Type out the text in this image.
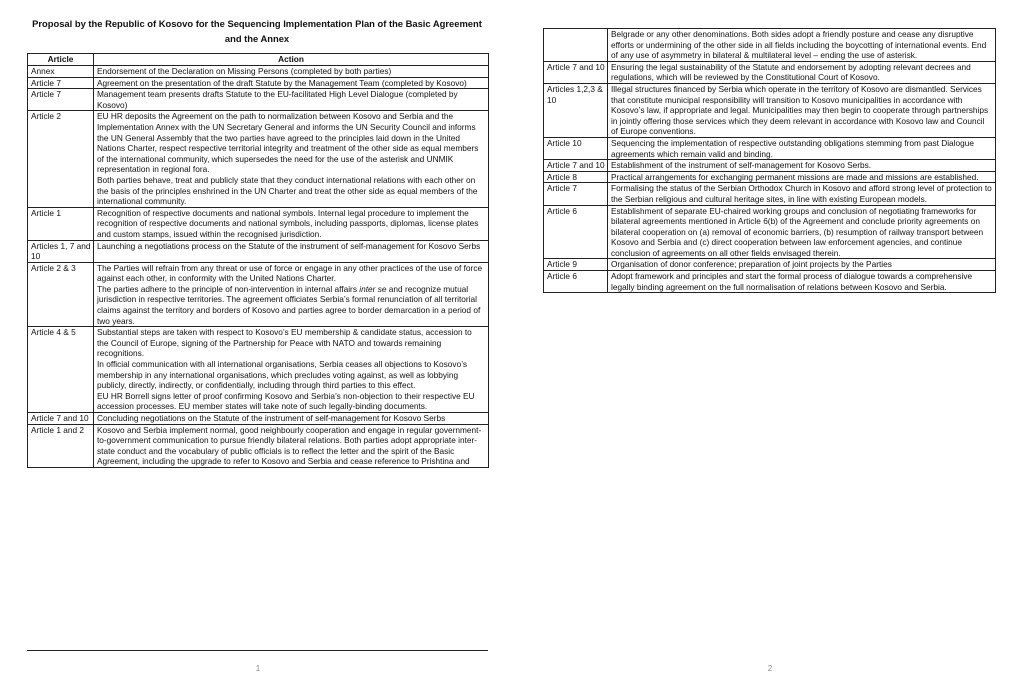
Proposal by the Republic of Kosovo for the Sequencing Implementation Plan of the Basic Agreement and the Annex
Article	Action
Annex	Endorsement of the Declaration on Missing Persons (completed by both parties)

Article 7	Agreement on the presentation of the draft Statute by the Management Team (completed by Kosovo)

Article 7	Management team presents drafts Statute to the EU-facilitated High Level Dialogue (completed by Kosovo)

Article 2	EU HR deposits the Agreement on the path to normalization between Kosovo and Serbia and the Implementation Annex with the UN Secretary General and informs the UN Security Council and informs the UN General Assembly that the two parties have agreed to the principles laid down in the United Nations Charter, respect respective territorial integrity and treatment of the other side as equal members of the international community, which supersedes the need for the use of the asterisk and UNMIK representation in regional fora.
Both parties behave, treat and publicly state that they conduct international relations with each other on the basis of the principles enshrined in the UN Charter and treat the other side as equal members of the international community.

Article 1	Recognition of respective documents and national symbols. Internal legal procedure to implement the recognition of respective documents and national symbols, including passports, diplomas, license plates and custom stamps, issued within the recognised jurisdiction.

Articles 1, 7 and 10	Launching a negotiations process on the Statute of the instrument of self-management for Kosovo Serbs

Article 2 & 3	The Parties will refrain from any threat or use of force or engage in any other practices of the use of force against each other, in conformity with the United Nations Charter.
The parties adhere to the principle of non-intervention in internal affairs inter se and recognize mutual jurisdiction in respective territories. The agreement officiates Serbia’s formal renunciation of all territorial claims against the territory and borders of Kosovo and parties agree to border demarcation in a period of two years.

Article 4 & 5	Substantial steps are taken with respect to Kosovo’s EU membership & candidate status, accession to the Council of Europe, signing of the Partnership for Peace with NATO and towards remaining recognitions.
In official communication with all international organisations, Serbia ceases all objections to Kosovo’s membership in any international organisations, which precludes voting against, as well as lobbying publicly, directly, indirectly, or confidentially, including through third parties to this effect.
EU HR Borrell signs letter of proof confirming Kosovo and Serbia’s non-objection to their respective EU accession processes. EU member states will take note of such legally-binding documents.

Article 7 and 10	Concluding negotiations on the Statute of the instrument of self-management for Kosovo Serbs

Article 1 and 2	Kosovo and Serbia implement normal, good neighbourly cooperation and engage in regular government-to-government communication to pursue friendly bilateral relations. Both parties adopt appropriate inter-state conduct and the vocabulary of public officials is to reflect the letter and the spirit of the Basic Agreement, including the upgrade to refer to Kosovo and Serbia and cease reference to Prishtina and
1

	Belgrade or any other denominations. Both sides adopt a friendly posture and cease any disruptive efforts or undermining of the other side in all fields including the boycotting of international events. End of any use of asymmetry in bilateral & multilateral level – ending the use of asterisk.

Article 7 and 10	Ensuring the legal sustainability of the Statute and endorsement by adopting relevant decrees and regulations, which will be reviewed by the Constitutional Court of Kosovo.

Articles 1,2,3 & 10	Illegal structures financed by Serbia which operate in the territory of Kosovo are dismantled. Services that constitute municipal responsibility will transition to Kosovo municipalities in accordance with Kosovo’s law, if appropriate and legal. Municipalities may then begin to cooperate through partnerships in jointly offering those services which they deem relevant in accordance with Kosovo law and Council of Europe conventions.

Article 10	Sequencing the implementation of respective outstanding obligations stemming from past Dialogue agreements which remain valid and binding.

Article 7 and 10	Establishment of the instrument of self-management for Kosovo Serbs.

Article 8	Practical arrangements for exchanging permanent missions are made and missions are established.

Article 7	Formalising the status of the Serbian Orthodox Church in Kosovo and afford strong level of protection to the Serbian religious and cultural heritage sites, in line with existing European models.

Article 6	Establishment of separate EU-chaired working groups and conclusion of negotiating frameworks for bilateral agreements mentioned in Article 6(b) of the Agreement and conclude priority agreements on bilateral cooperation on (a) removal of economic barriers, (b) resumption of railway transport between Kosovo and Serbia and (c) direct cooperation between law enforcement agencies, and continue conclusion of agreements on all other fields envisaged therein.

Article 9	Organisation of donor conference; preparation of joint projects by the Parties

Article 6	Adopt framework and principles and start the formal process of dialogue towards a comprehensive legally binding agreement on the full normalisation of relations between Kosovo and Serbia.
2
